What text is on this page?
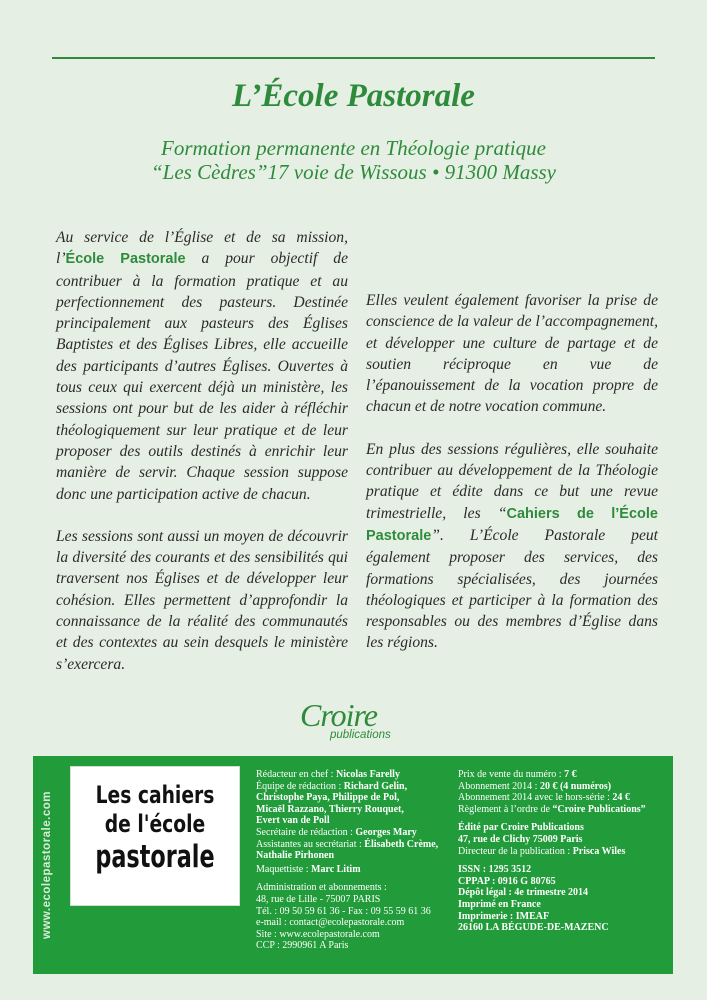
L’École Pastorale
Formation permanente en Théologie pratique
“Les Cèdres”17 voie de Wissous • 91300 Massy

Au service de l’Église et de sa mission, l’École Pastorale a pour objectif de contribuer à la formation pratique et au perfectionnement des pasteurs. Destinée principalement aux pasteurs des Églises Baptistes et des Églises Libres, elle accueille des participants d’autres Églises. Ouvertes à tous ceux qui exercent déjà un ministère, les sessions ont pour but de les aider à réfléchir théologiquement sur leur pratique et de leur proposer des outils destinés à enrichir leur manière de servir. Chaque session suppose donc une participation active de chacun.

Les sessions sont aussi un moyen de découvrir la diversité des courants et des sensibilités qui traversent nos Églises et de développer leur cohésion. Elles permettent d’approfondir la connaissance de la réalité des communautés et des contextes au sein desquels le ministère s’exercera.

Elles veulent également favoriser la prise de conscience de la valeur de l’accompagnement, et développer une culture de partage et de soutien réciproque en vue de l’épanouissement de la vocation propre de chacun et de notre vocation commune.

En plus des sessions régulières, elle souhaite contribuer au développement de la Théologie pratique et édite dans ce but une revue trimestrielle, les “Cahiers de l’École Pastorale”. L’École Pastorale peut également proposer des services, des formations spécialisées, des journées théologiques et participer à la formation des responsables ou des membres d’Église dans les régions.

Croire
publications
www.ecolepastorale.com Les cahiers
de l'école
pastorale
Rédacteur en chef : Nicolas Farelly
Équipe de rédaction : Richard Gelin,
Christophe Paya, Philippe de Pol,
Micaël Razzano, Thierry Rouquet,
Evert van de Poll
Secrétaire de rédaction : Georges Mary
Assistantes au secrétariat : Élisabeth Crème,
Nathalie Pirhonen
Maquettiste : Marc Litim
Administration et abonnements :
48, rue de Lille - 75007 PARIS
Tél. : 09 50 59 61 36 - Fax : 09 55 59 61 36
e-mail : contact@ecolepastorale.com
Site : www.ecolepastorale.com
CCP : 2990961 A Paris
Prix de vente du numéro : 7 €
Abonnement 2014 : 20 € (4 numéros)
Abonnement 2014 avec le hors-série : 24 €
Règlement à l’ordre de “Croire Publications”
Édité par Croire Publications
47, rue de Clichy 75009 Paris
Directeur de la publication : Prisca Wiles
ISSN : 1295 3512
CPPAP : 0916 G 80765
Dépôt légal : 4e trimestre 2014
Imprimé en France
Imprimerie : IMEAF
26160 LA BÉGUDE-DE-MAZENC
